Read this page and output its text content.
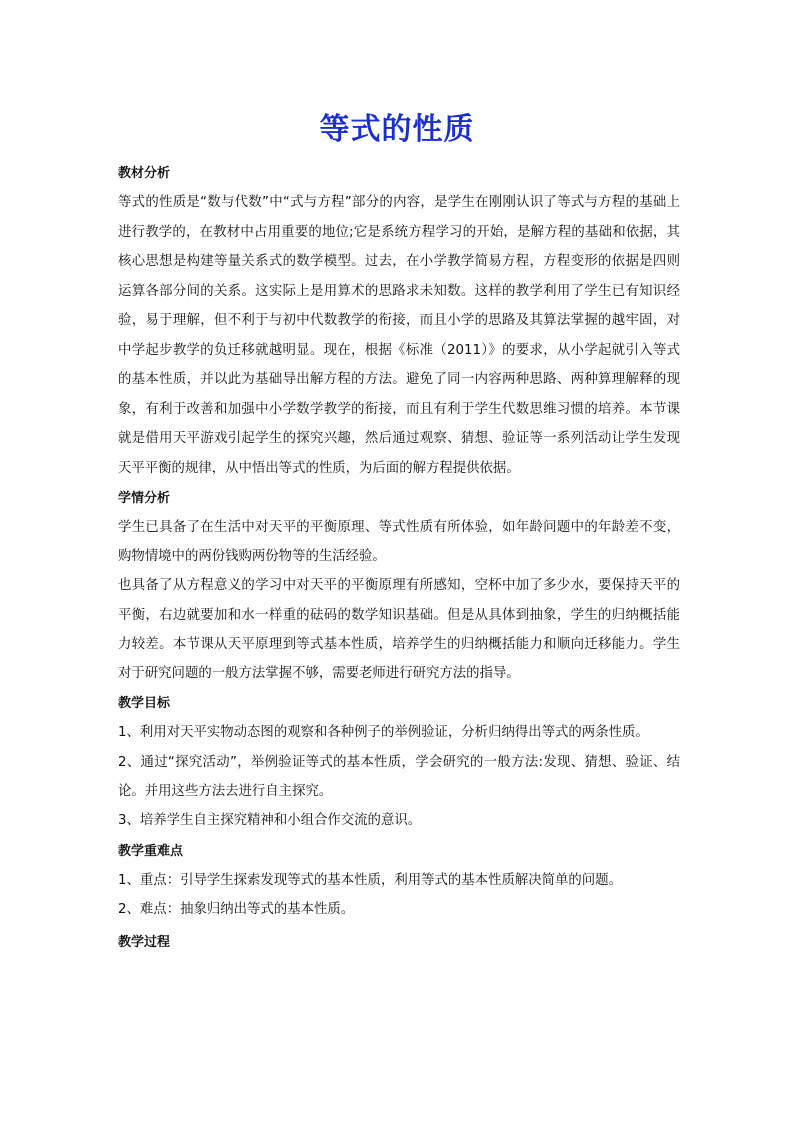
等式的性质

教材分析

等式的性质是“数与代数”中“式与方程”部分的内容，是学生在刚刚认识了等式与方程的基础上进行教学的，在教材中占用重要的地位;它是系统方程学习的开始，是解方程的基础和依据，其核心思想是构建等量关系式的数学模型。过去，在小学教学简易方程，方程变形的依据是四则运算各部分间的关系。这实际上是用算术的思路求未知数。这样的教学利用了学生已有知识经验，易于理解，但不利于与初中代数教学的衔接，而且小学的思路及其算法掌握的越牢固，对中学起步教学的负迁移就越明显。现在，根据《标准（2011）》的要求，从小学起就引入等式的基本性质，并以此为基础导出解方程的方法。避免了同一内容两种思路、两种算理解释的现象，有利于改善和加强中小学数学教学的衔接，而且有利于学生代数思维习惯的培养。本节课就是借用天平游戏引起学生的探究兴趣，然后通过观察、猜想、验证等一系列活动让学生发现天平平衡的规律，从中悟出等式的性质，为后面的解方程提供依据。

学情分析

学生已具备了在生活中对天平的平衡原理、等式性质有所体验，如年龄问题中的年龄差不变，购物情境中的两份钱购两份物等的生活经验。

也具备了从方程意义的学习中对天平的平衡原理有所感知，空杯中加了多少水，要保持天平的平衡，右边就要加和水一样重的砝码的数学知识基础。但是从具体到抽象，学生的归纳概括能力较差。本节课从天平原理到等式基本性质，培养学生的归纳概括能力和顺向迁移能力。学生对于研究问题的一般方法掌握不够，需要老师进行研究方法的指导。

教学目标

1、利用对天平实物动态图的观察和各种例子的举例验证，分析归纳得出等式的两条性质。

2、通过“探究活动”，举例验证等式的基本性质，学会研究的一般方法:发现、猜想、验证、结论。并用这些方法去进行自主探究。

3、培养学生自主探究精神和小组合作交流的意识。

教学重难点

1、重点：引导学生探索发现等式的基本性质，利用等式的基本性质解决简单的问题。

2、难点：抽象归纳出等式的基本性质。

教学过程
